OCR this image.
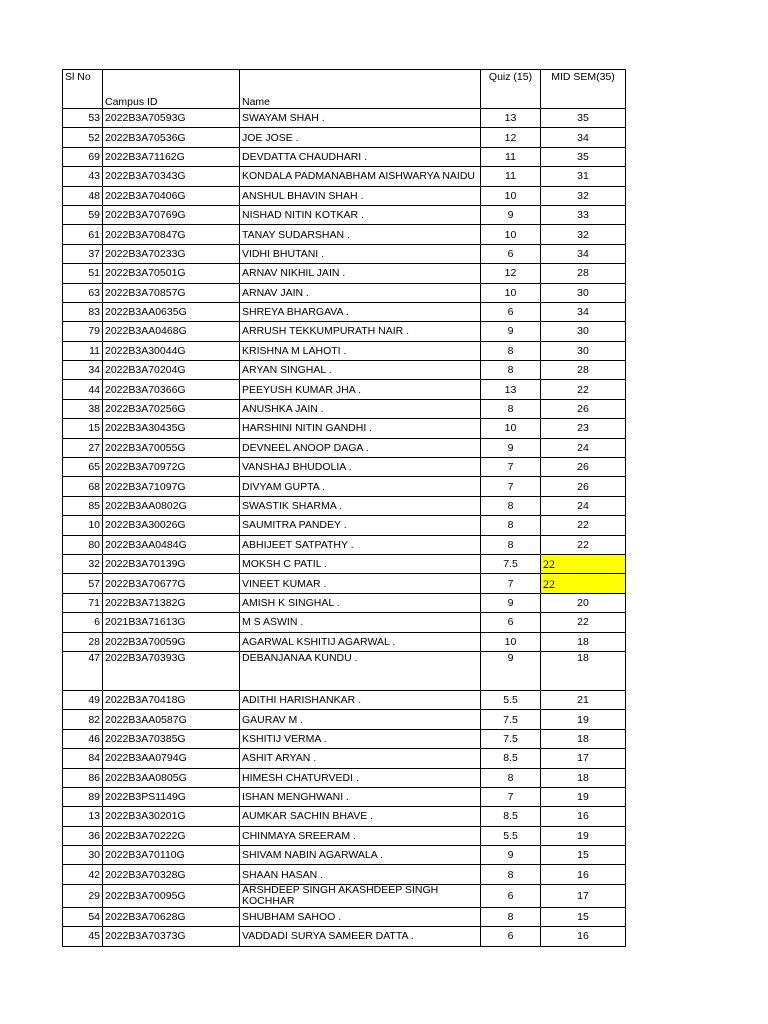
Sl No	Campus ID	Name	Quiz (15)	MID SEM(35)
53	2022B3A70593G	SWAYAM SHAH .	13	35
52	2022B3A70536G	JOE JOSE .	12	34
69	2022B3A71162G	DEVDATTA CHAUDHARI .	11	35
43	2022B3A70343G	KONDALA PADMANABHAM AISHWARYA NAIDU	11	31
48	2022B3A70406G	ANSHUL BHAVIN SHAH .	10	32
59	2022B3A70769G	NISHAD NITIN KOTKAR .	9	33
61	2022B3A70847G	TANAY SUDARSHAN .	10	32
37	2022B3A70233G	VIDHI BHUTANI .	6	34
51	2022B3A70501G	ARNAV NIKHIL JAIN .	12	28
63	2022B3A70857G	ARNAV JAIN .	10	30
83	2022B3AA0635G	SHREYA BHARGAVA .	6	34
79	2022B3AA0468G	ARRUSH TEKKUMPURATH NAIR .	9	30
11	2022B3A30044G	KRISHNA M LAHOTI .	8	30
34	2022B3A70204G	ARYAN SINGHAL .	8	28
44	2022B3A70366G	PEEYUSH KUMAR JHA .	13	22
38	2022B3A70256G	ANUSHKA JAIN .	8	26
15	2022B3A30435G	HARSHINI NITIN GANDHI .	10	23
27	2022B3A70055G	DEVNEEL ANOOP DAGA .	9	24
65	2022B3A70972G	VANSHAJ BHUDOLIA .	7	26
68	2022B3A71097G	DIVYAM GUPTA .	7	26
85	2022B3AA0802G	SWASTIK SHARMA .	8	24
10	2022B3A30026G	SAUMITRA PANDEY .	8	22
80	2022B3AA0484G	ABHIJEET SATPATHY .	8	22
32	2022B3A70139G	MOKSH C PATIL .	7.5	22
57	2022B3A70677G	VINEET KUMAR .	7	22
71	2022B3A71382G	AMISH K SINGHAL .	9	20
6	2021B3A71613G	M S ASWIN .	6	22
28	2022B3A70059G	AGARWAL KSHITIJ AGARWAL .	10	18
47	2022B3A70393G	DEBANJANAA KUNDU .	9	18
49	2022B3A70418G	ADITHI HARISHANKAR .	5.5	21
82	2022B3AA0587G	GAURAV M .	7.5	19
46	2022B3A70385G	KSHITIJ VERMA .	7.5	18
84	2022B3AA0794G	ASHIT ARYAN .	8.5	17
86	2022B3AA0805G	HIMESH CHATURVEDI .	8	18
89	2022B3PS1149G	ISHAN MENGHWANI .	7	19
13	2022B3A30201G	AUMKAR SACHIN BHAVE .	8.5	16
36	2022B3A70222G	CHINMAYA SREERAM .	5.5	19
30	2022B3A70110G	SHIVAM NABIN AGARWALA .	9	15
42	2022B3A70328G	SHAAN HASAN .	8	16
29	2022B3A70095G	ARSHDEEP SINGH AKASHDEEP SINGH KOCHHAR	6	17
54	2022B3A70628G	SHUBHAM SAHOO .	8	15
45	2022B3A70373G	VADDADI SURYA SAMEER DATTA .	6	16
